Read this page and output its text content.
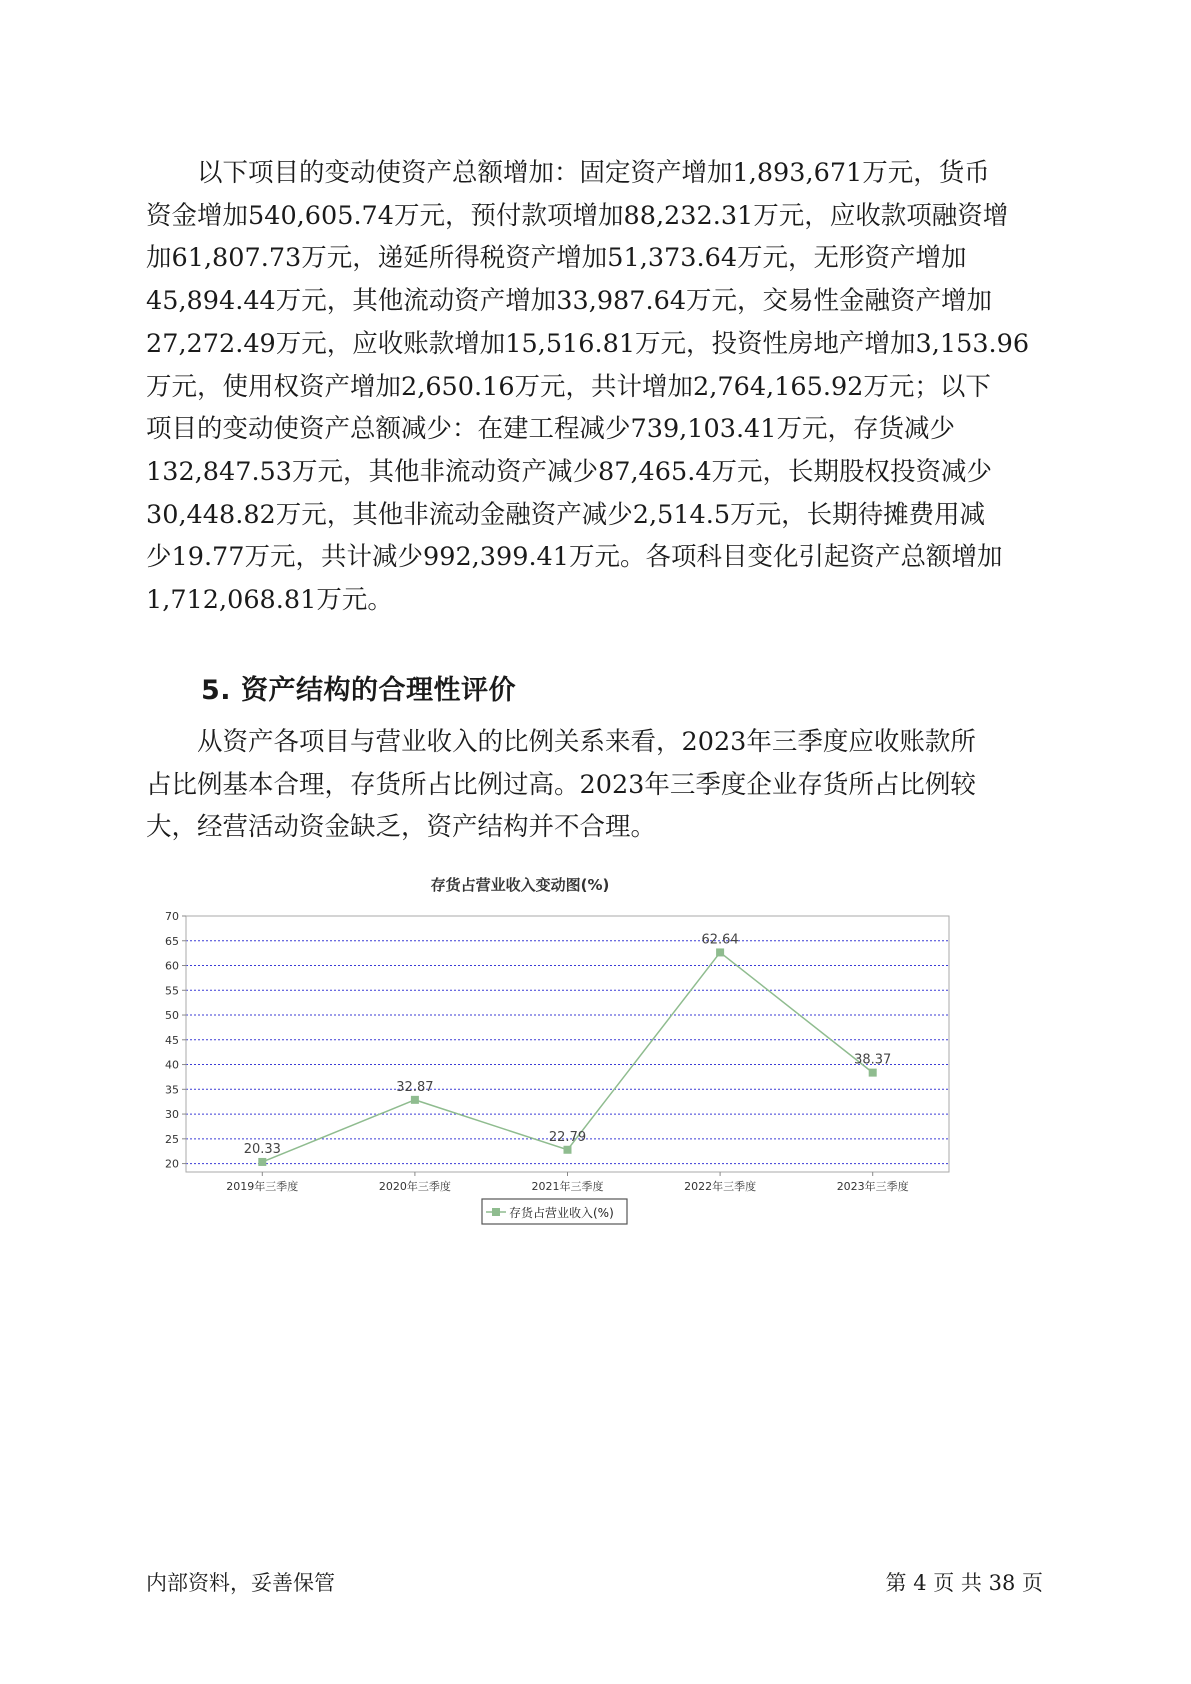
以下项目的变动使资产总额增加：固定资产增加1,893,671万元，货币
资金增加540,605.74万元，预付款项增加88,232.31万元，应收款项融资增
加61,807.73万元，递延所得税资产增加51,373.64万元，无形资产增加
45,894.44万元，其他流动资产增加33,987.64万元，交易性金融资产增加
27,272.49万元，应收账款增加15,516.81万元，投资性房地产增加3,153.96
万元，使用权资产增加2,650.16万元，共计增加2,764,165.92万元；以下
项目的变动使资产总额减少：在建工程减少739,103.41万元，存货减少
132,847.53万元，其他非流动资产减少87,465.4万元，长期股权投资减少
30,448.82万元，其他非流动金融资产减少2,514.5万元，长期待摊费用减
少19.77万元，共计减少992,399.41万元。各项科目变化引起资产总额增加
1,712,068.81万元。
5. 资产结构的合理性评价
从资产各项目与营业收入的比例关系来看，2023年三季度应收账款所
占比例基本合理，存货所占比例过高。2023年三季度企业存货所占比例较
大，经营活动资金缺乏，资产结构并不合理。
存货占营业收入变动图(%)
20
25
30
35
40
45
50
55
60
65
70
2019年三季度	2020年三季度	2021年三季度	2022年三季度	2023年三季度
20.33
32.87
22.79
62.64
38.37
存货占营业收入(%)
内部资料，妥善保管	第 4 页 共 38 页
